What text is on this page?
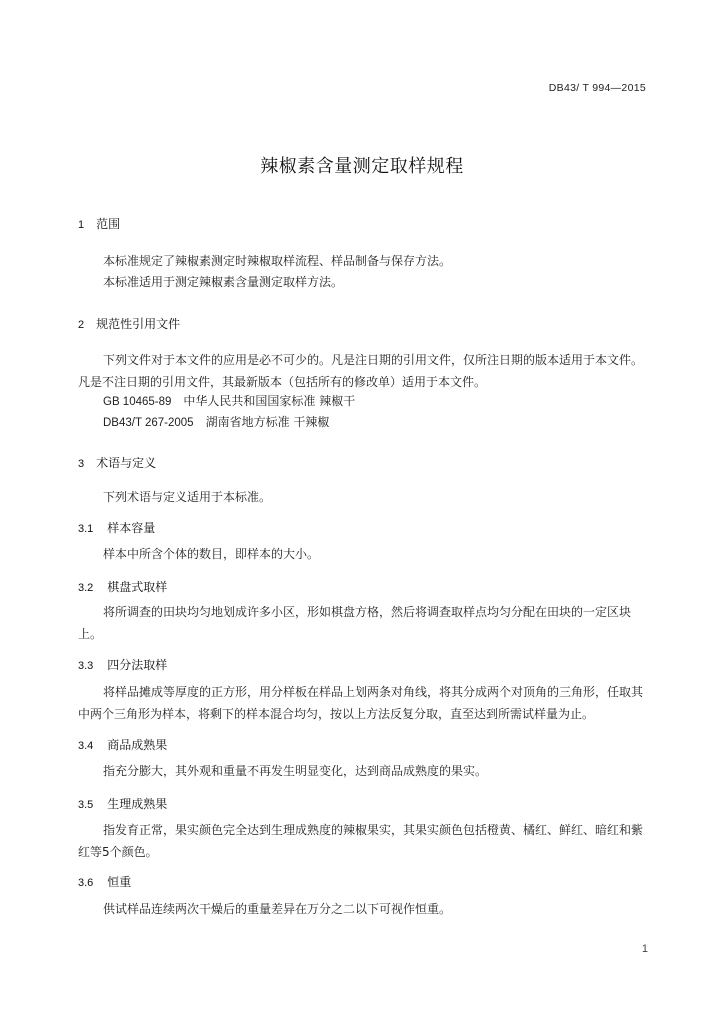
DB43/ T 994—2015
辣椒素含量测定取样规程
1 范围
本标准规定了辣椒素测定时辣椒取样流程、样品制备与保存方法。
本标准适用于测定辣椒素含量测定取样方法。
2 规范性引用文件
下列文件对于本文件的应用是必不可少的。凡是注日期的引用文件，仅所注日期的版本适用于本文件。凡是不注日期的引用文件，其最新版本（包括所有的修改单）适用于本文件。
GB 10465-89 中华人民共和国国家标准 辣椒干
DB43/T 267-2005 湖南省地方标准 干辣椒
3 术语与定义
下列术语与定义适用于本标准。
3.1 样本容量
样本中所含个体的数目，即样本的大小。
3.2 棋盘式取样
将所调查的田块均匀地划成许多小区，形如棋盘方格，然后将调查取样点均匀分配在田块的一定区块上。
3.3 四分法取样
将样品摊成等厚度的正方形，用分样板在样品上划两条对角线，将其分成两个对顶角的三角形，任取其中两个三角形为样本，将剩下的样本混合均匀，按以上方法反复分取，直至达到所需试样量为止。
3.4 商品成熟果
指充分膨大，其外观和重量不再发生明显变化，达到商品成熟度的果实。
3.5 生理成熟果
指发育正常，果实颜色完全达到生理成熟度的辣椒果实，其果实颜色包括橙黄、橘红、鲜红、暗红和紫红等5个颜色。
3.6 恒重
供试样品连续两次干燥后的重量差异在万分之二以下可视作恒重。
1
